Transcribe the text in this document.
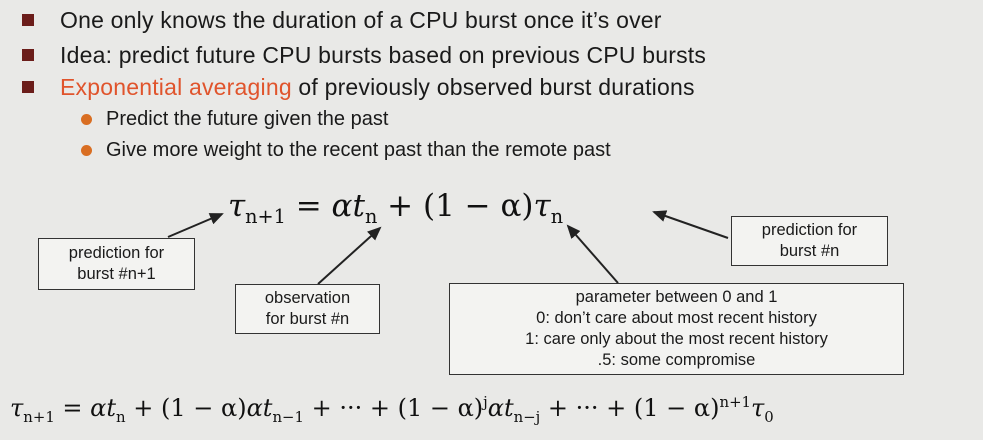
One only knows the duration of a CPU burst once it’s over
Idea: predict future CPU bursts based on previous CPU bursts
Exponential averaging of previously observed burst durations
Predict the future given the past
Give more weight to the recent past than the remote past
$\tau_{n+1} = \alpha t_n + (1 - \alpha)\tau_n$
prediction for
burst #n+1
observation
for burst #n
parameter between 0 and 1
0: don’t care about most recent history
1: care only about the most recent history
.5: some compromise
prediction for
burst #n
$\tau_{n+1} = \alpha t_n + (1 - \alpha)\alpha t_{n-1}$ + ··· + $(1 - \alpha)^j\alpha t_{n-j}$ + ··· + $(1 - \alpha)^{n+1}\tau_0$
